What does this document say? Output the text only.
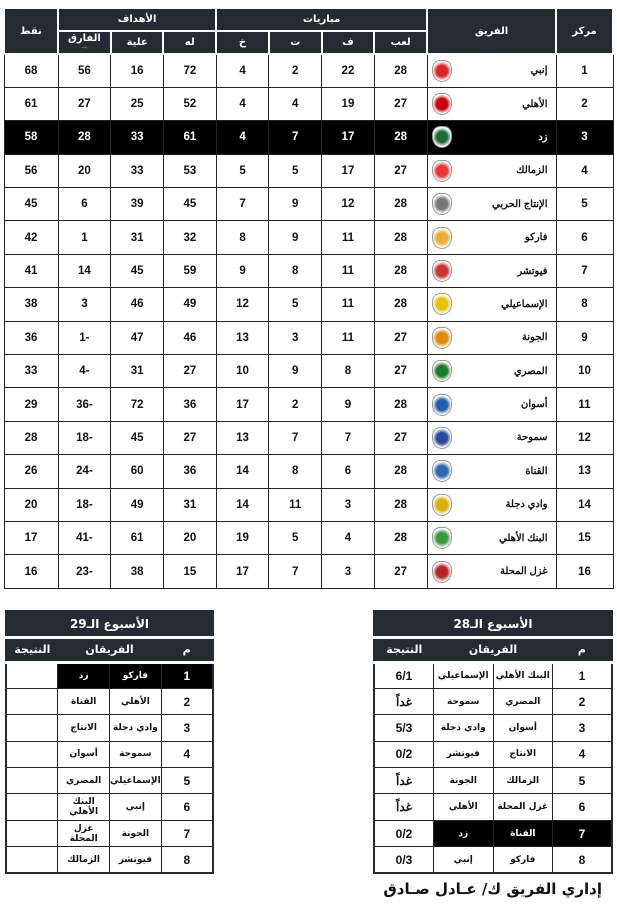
مركز	الفريق	مباريات				الأهداف			نقط
		لعب	ف	ت	خ	له	علية	الفارق
→	

1	إنبي	28	22	2	4	72	16	56	68
2	الأهلي	27	19	4	4	52	25	27	61
3	زد	28	17	7	4	61	33	28	58
4	الزمالك	27	17	5	5	53	33	20	56
5	الإنتاج الحربي	28	12	9	7	45	39	6	45
6	فاركو	28	11	9	8	32	31	1	42
7	فيوتشر	28	11	8	9	59	45	14	41
8	الإسماعيلي	28	11	5	12	49	46	3	38
9	الجونة	27	11	3	13	46	47	1-	36
10	المصري	27	8	9	10	27	31	4-	33
11	أسوان	28	9	2	17	36	72	36-	29
12	سموحة	27	7	7	13	27	45	18-	28
13	القناة	28	6	8	14	36	60	24-	26
14	وادي دجلة	28	3	11	14	31	49	18-	20
15	البنك الأهلي	28	4	5	19	20	61	41-	17
16	غزل المحلة	27	3	7	17	15	38	23-	16
الأسبوع الـ29			
م	الفريقان		النتيجة
1	فاركو	زد	
2	الأهلي	القناة	
3	وادي دجلة	الانتاج	
4	سموحة	أسوان	
5	الإسماعيلي	المصري	
6	إنبي	البنك الأهلي	
7	الجونة	غزل المحلة	
8	فيوتشر	الزمالك	
الأسبوع الـ28			
م	الفريقان		النتيجة
1	البنك الأهلي	الإسماعيلي	6/1
2	المصري	سموحة	غداً
3	أسوان	وادي دجلة	5/3
4	الانتاج	فيوتشر	0/2
5	الزمالك	الجونة	غداً
6	غزل المحلة	الأهلي	غداً
7	القناة	زد	0/2
8	فاركو	إنبي	0/3
إداري الفريق ك/ عـادل صـادق
